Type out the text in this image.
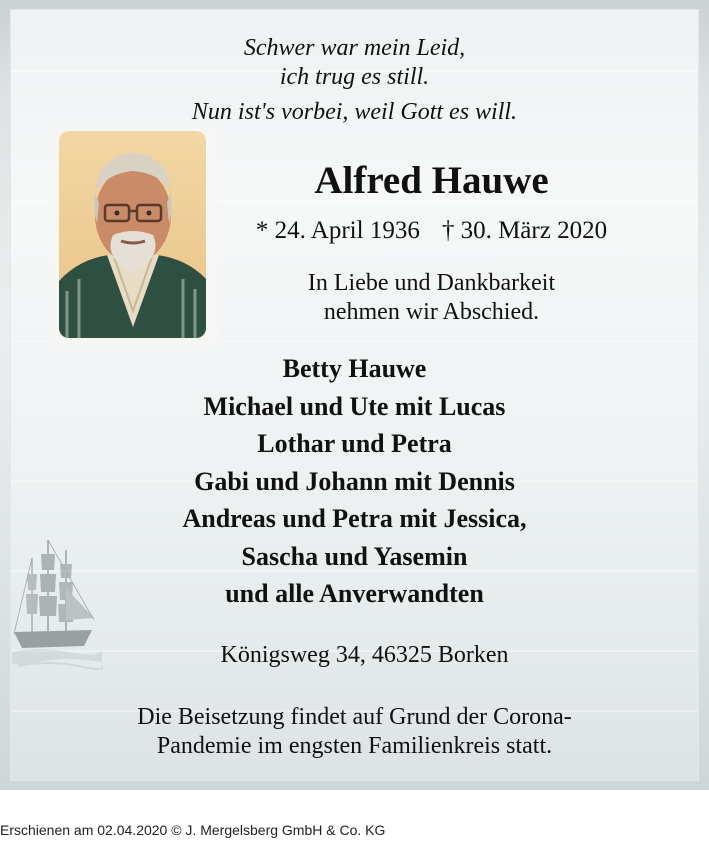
Schwer war mein Leid,
ich trug es still.
Nun ist's vorbei, weil Gott es will.
Alfred Hauwe
* 24. April 1936 † 30. März 2020
In Liebe und Dankbarkeit
nehmen wir Abschied.
Betty Hauwe
Michael und Ute mit Lucas
Lothar und Petra
Gabi und Johann mit Dennis
Andreas und Petra mit Jessica,
Sascha und Yasemin
und alle Anverwandten
Königsweg 34, 46325 Borken
Die Beisetzung findet auf Grund der Corona-
Pandemie im engsten Familienkreis statt.
Erschienen am 02.04.2020 © J. Mergelsberg GmbH & Co. KG
